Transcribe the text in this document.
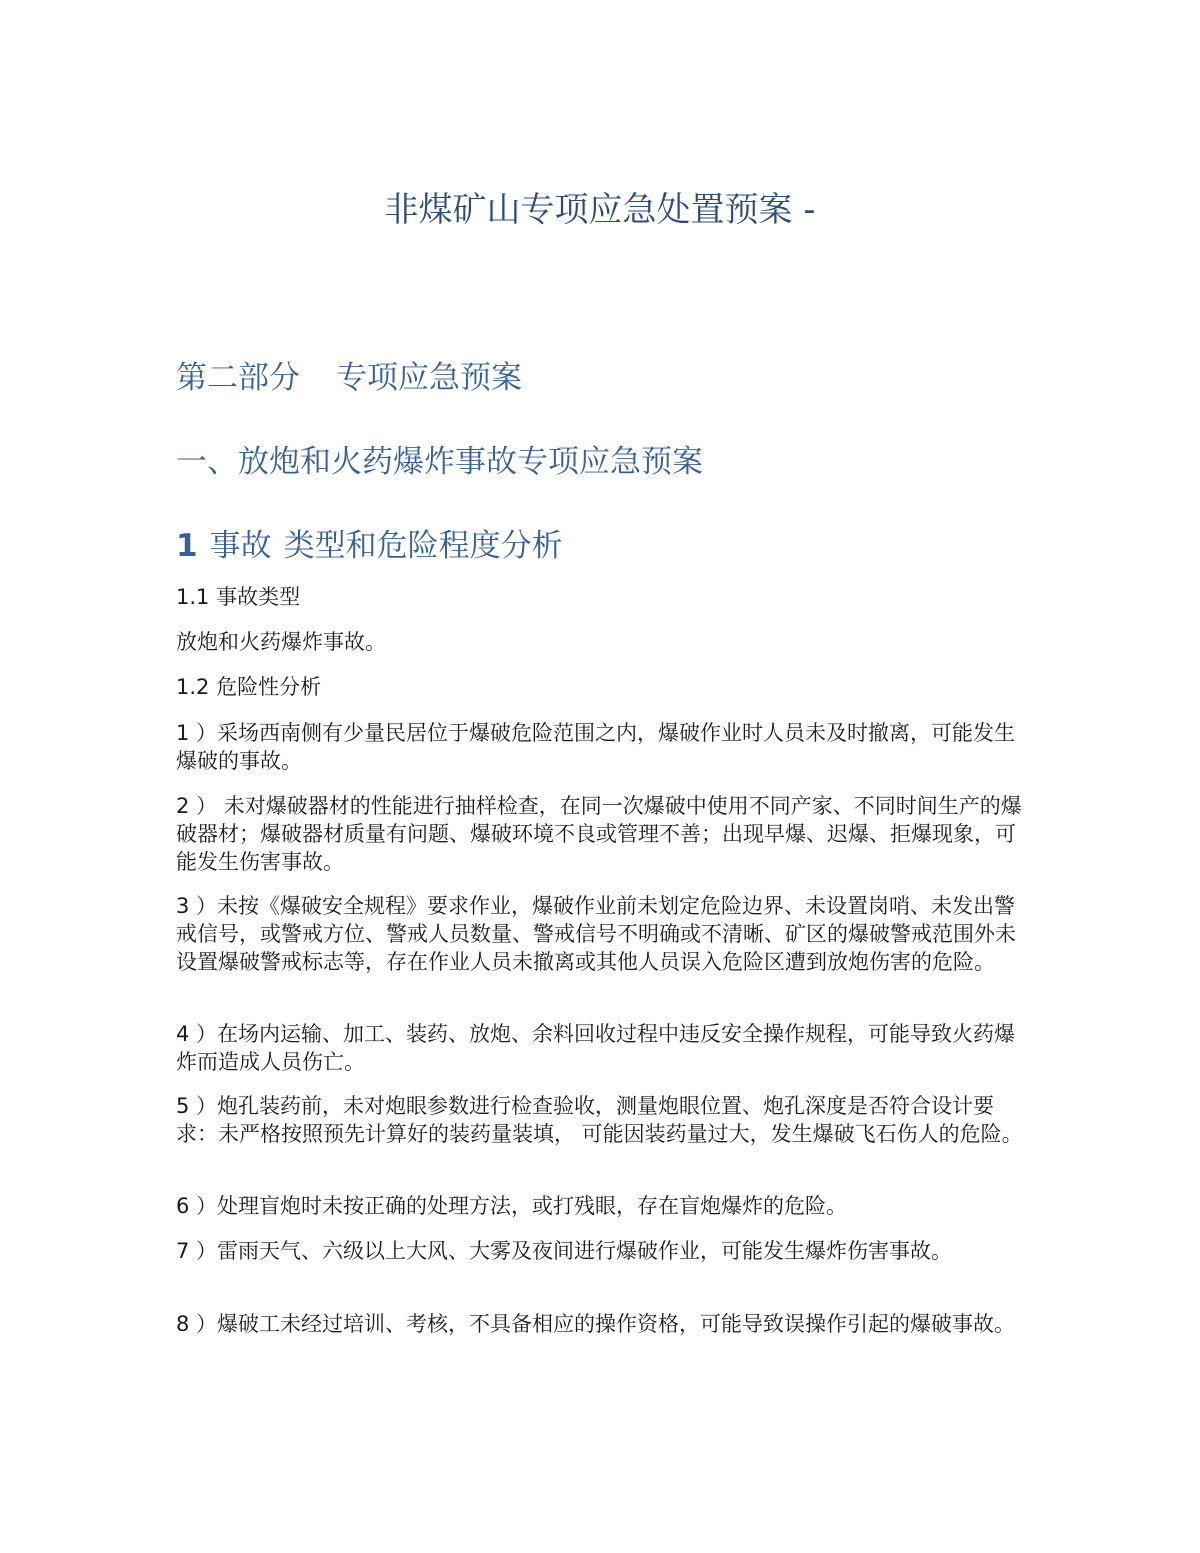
非煤矿山专项应急处置预案 -
第二部分 专项应急预案
一、放炮和火药爆炸事故专项应急预案
1 事故 类型和危险程度分析

1.1 事故类型

放炮和火药爆炸事故。

1.2 危险性分析

1 ）采场西南侧有少量民居位于爆破危险范围之内，爆破作业时人员未及时撤离，可能发生爆破的事故。

2 ） 未对爆破器材的性能进行抽样检查，在同一次爆破中使用不同产家、不同时间生产的爆破器材；爆破器材质量有问题、爆破环境不良或管理不善；出现早爆、迟爆、拒爆现象，可能发生伤害事故。

3 ）未按《爆破安全规程》要求作业，爆破作业前未划定危险边界、未设置岗哨、未发出警戒信号，或警戒方位、警戒人员数量、警戒信号不明确或不清晰、矿区的爆破警戒范围外未设置爆破警戒标志等，存在作业人员未撤离或其他人员误入危险区遭到放炮伤害的危险。

4 ）在场内运输、加工、装药、放炮、余料回收过程中违反安全操作规程，可能导致火药爆炸而造成人员伤亡。

5 ）炮孔装药前，未对炮眼参数进行检查验收，测量炮眼位置、炮孔深度是否符合设计要求：未严格按照预先计算好的装药量装填， 可能因装药量过大，发生爆破飞石伤人的危险。

6 ）处理盲炮时未按正确的处理方法，或打残眼，存在盲炮爆炸的危险。

7 ）雷雨天气、六级以上大风、大雾及夜间进行爆破作业，可能发生爆炸伤害事故。

8 ）爆破工未经过培训、考核，不具备相应的操作资格，可能导致误操作引起的爆破事故。
